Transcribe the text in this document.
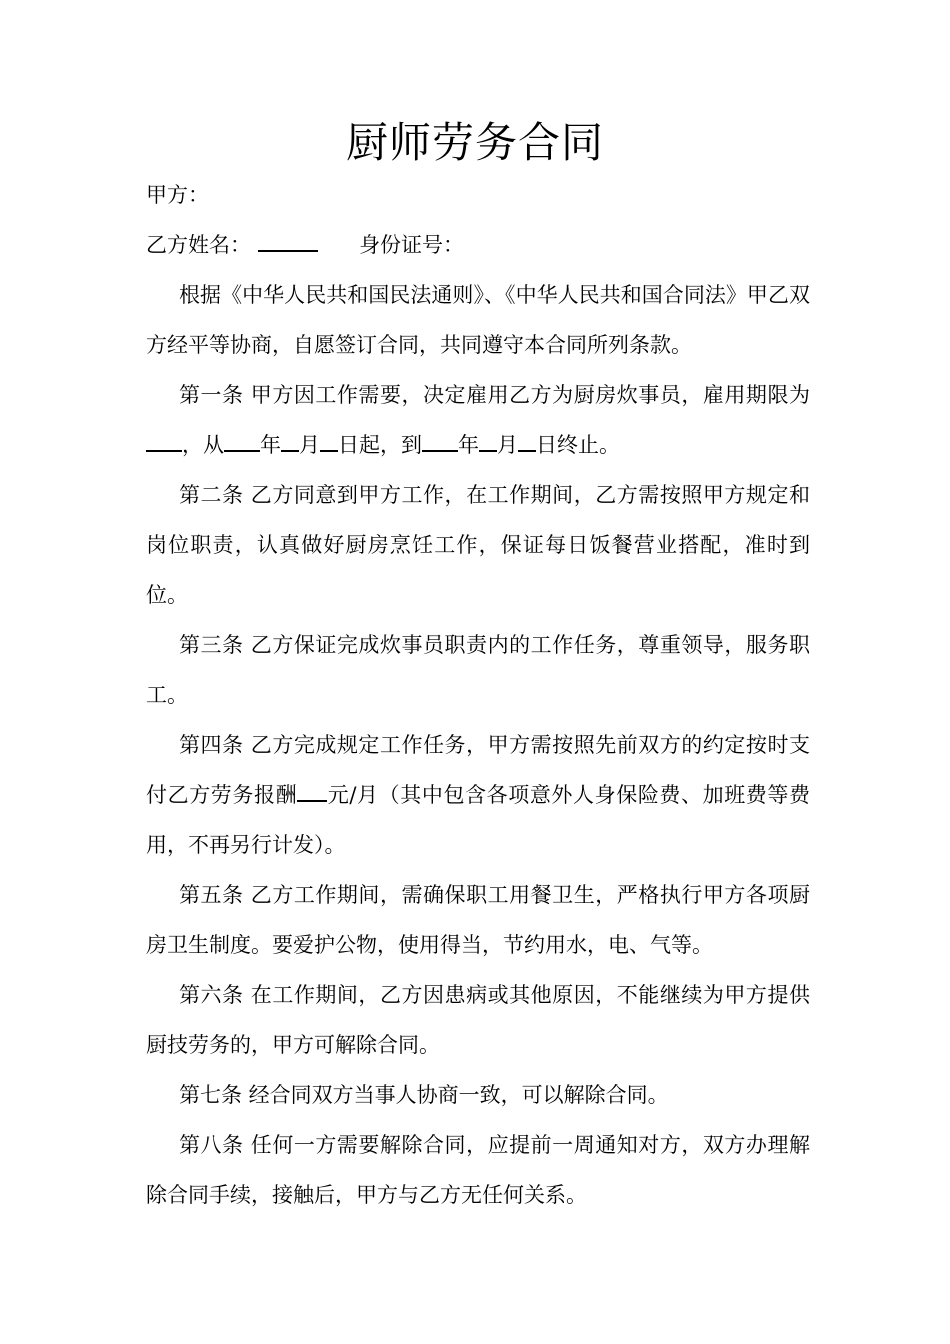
厨师劳务合同
甲方：
乙方姓名：	身份证号：
根据《中华人民共和国民法通则》、《中华人民共和国合同法》甲乙双方经平等协商，自愿签订合同，共同遵守本合同所列条款。
第一条 甲方因工作需要，决定雇用乙方为厨房炊事员，雇用期限为，从 年 月 日起，到 年 月 日终止。
第二条 乙方同意到甲方工作，在工作期间，乙方需按照甲方规定和岗位职责，认真做好厨房烹饪工作，保证每日饭餐营业搭配，准时到位。
第三条 乙方保证完成炊事员职责内的工作任务，尊重领导，服务职工。
第四条 乙方完成规定工作任务，甲方需按照先前双方的约定按时支付乙方劳务报酬 元/月（其中包含各项意外人身保险费、加班费等费用，不再另行计发）。
第五条 乙方工作期间，需确保职工用餐卫生，严格执行甲方各项厨房卫生制度。要爱护公物，使用得当，节约用水，电、气等。
第六条 在工作期间，乙方因患病或其他原因，不能继续为甲方提供厨技劳务的，甲方可解除合同。
第七条 经合同双方当事人协商一致，可以解除合同。
第八条 任何一方需要解除合同，应提前一周通知对方，双方办理解除合同手续，接触后，甲方与乙方无任何关系。
